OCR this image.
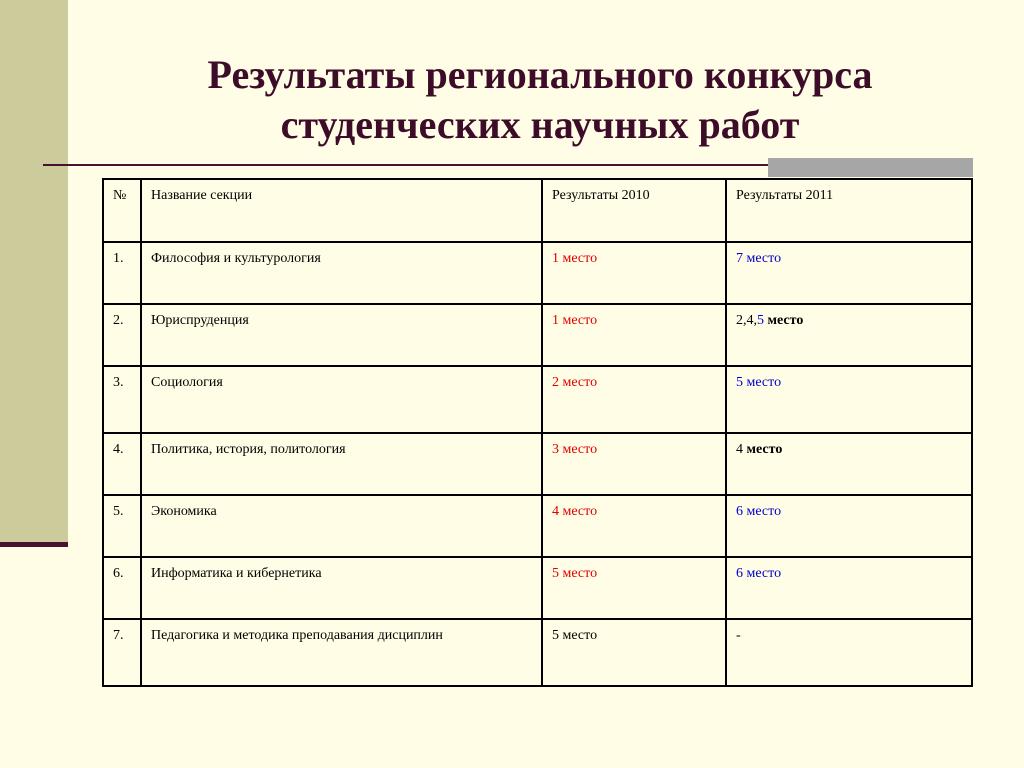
Результаты регионального конкурса
студенческих научных работ
№	Название секции	Результаты 2010	Результаты 2011
1.	Философия и культурология	1 место	7 место
2.	Юриспруденция	1 место	2,4,5 место
3.	Социология	2 место	5 место
4.	Политика, история, политология	3 место	4 место
5.	Экономика	4 место	6 место
6.	Информатика и кибернетика	5 место	6 место
7.	Педагогика и методика преподавания дисциплин	5 место	-
